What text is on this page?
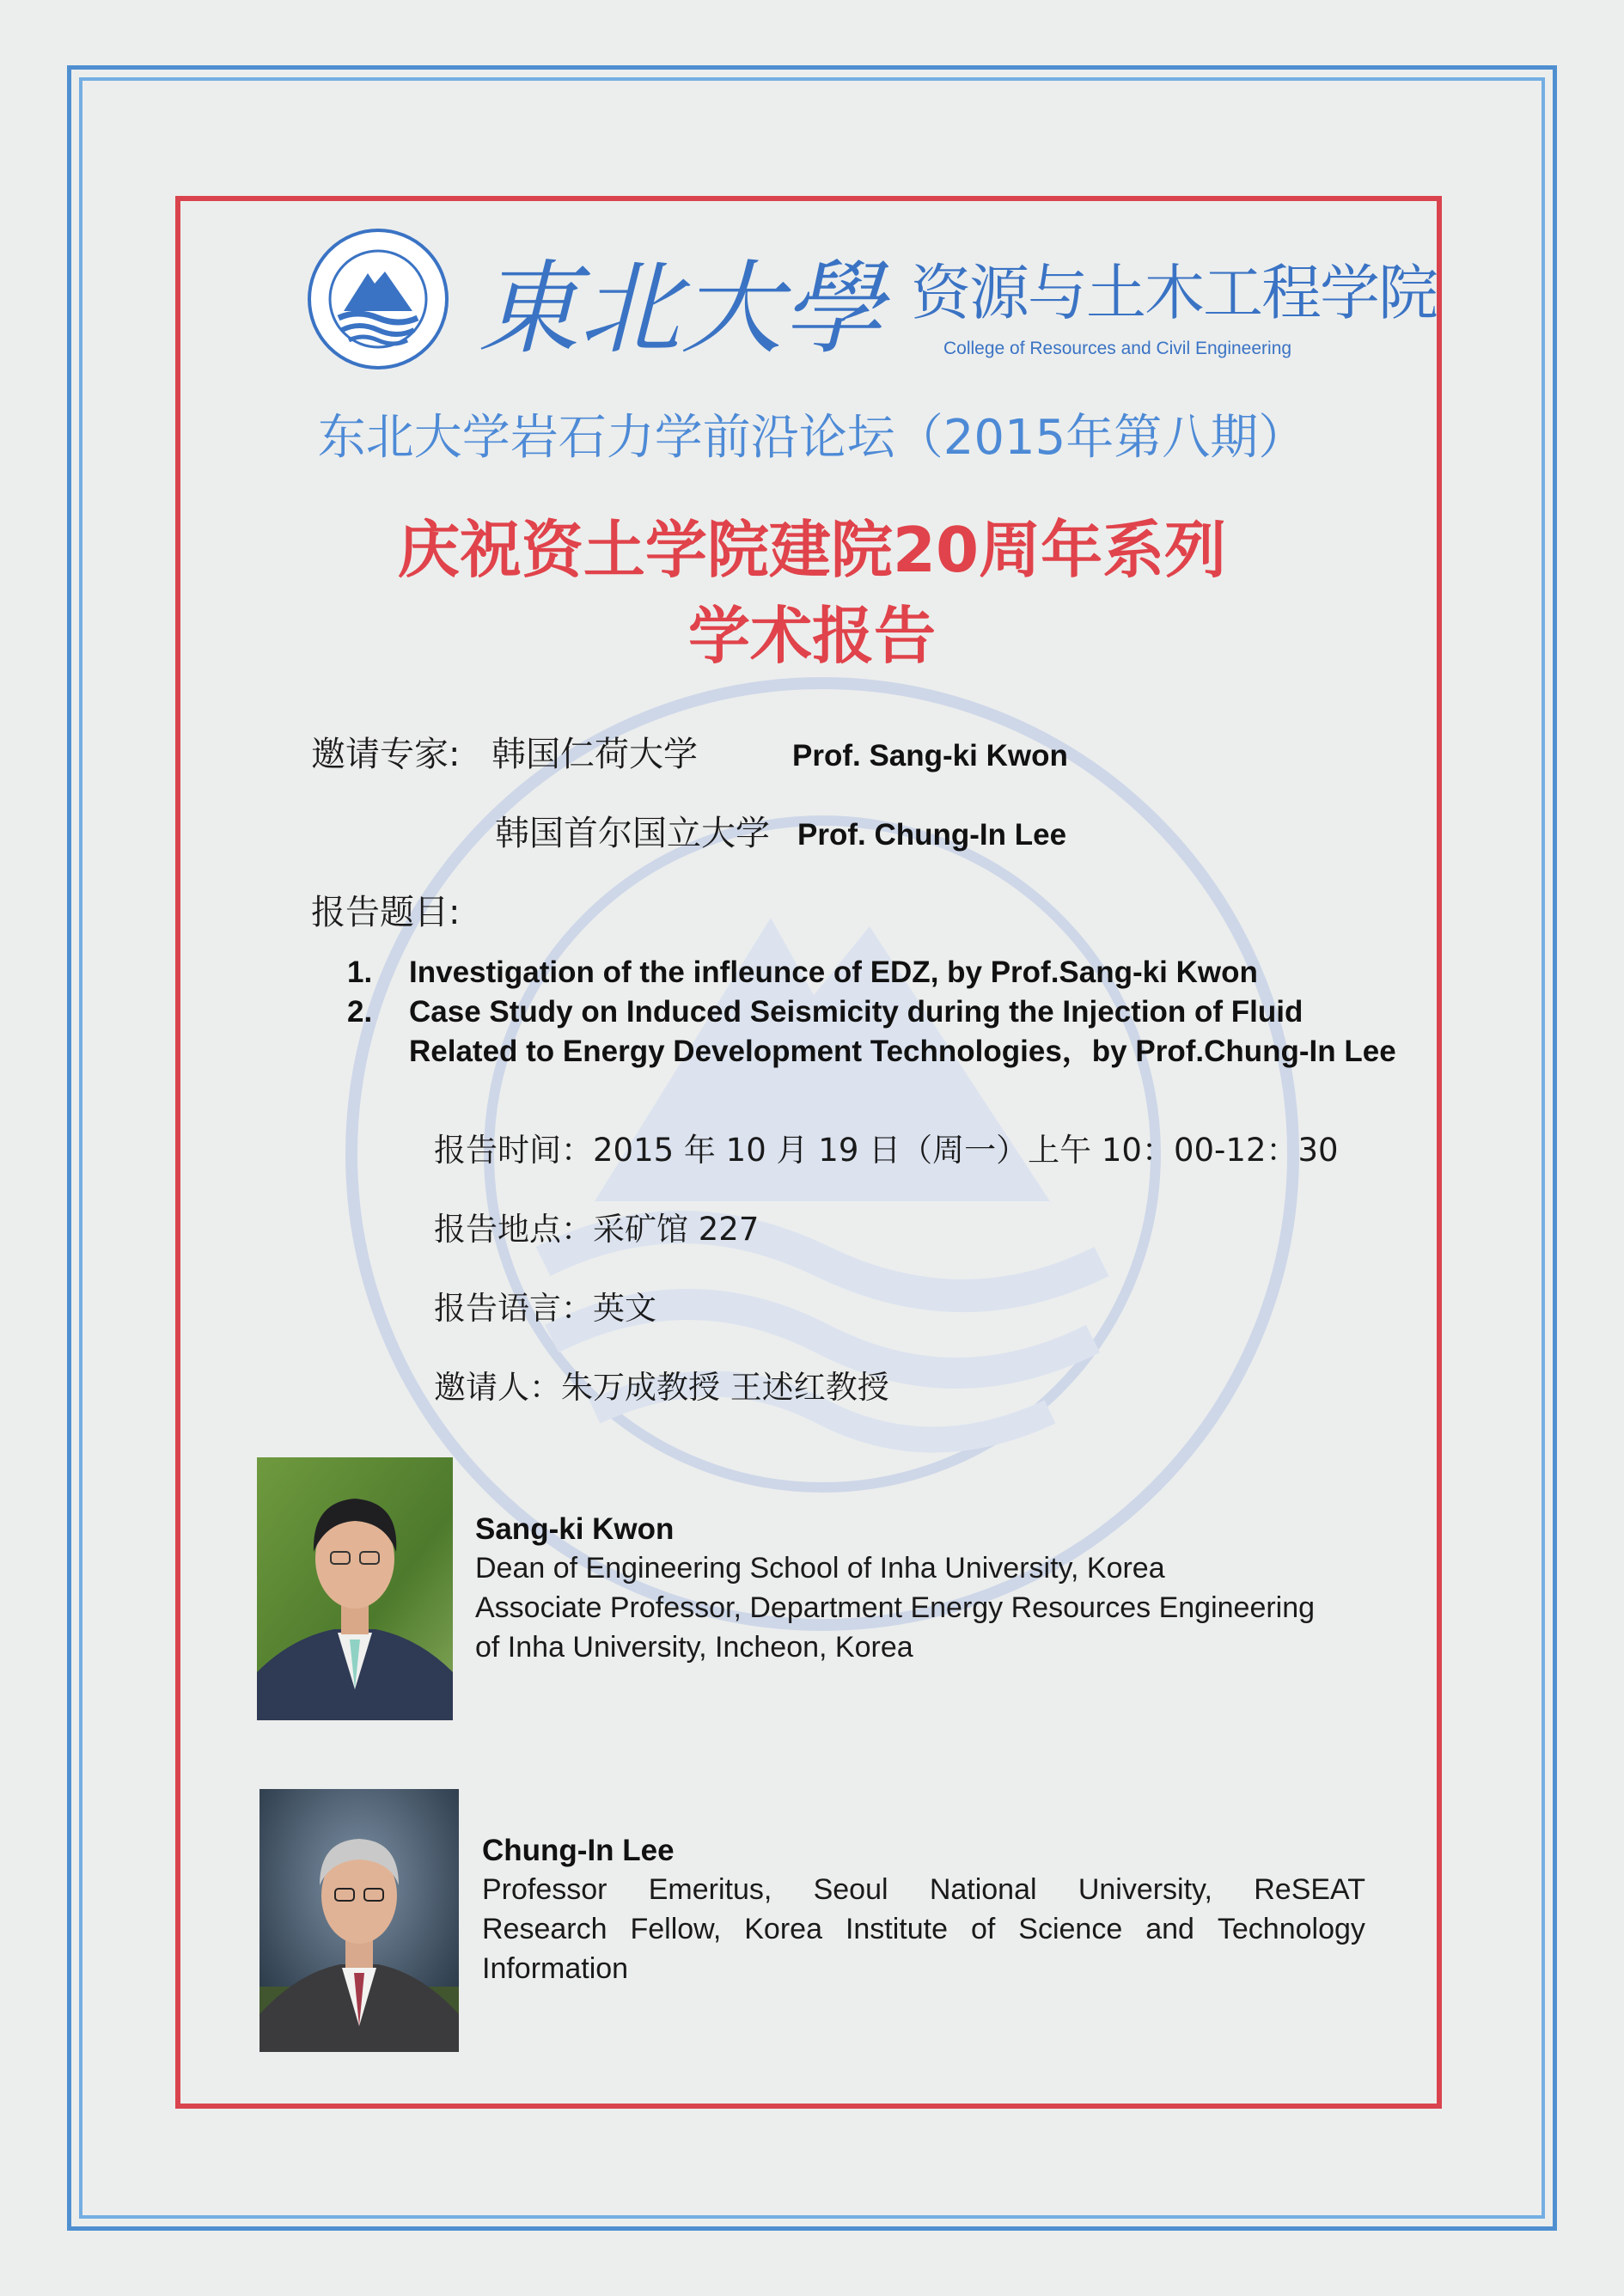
東北大學 资源与土木工程学院
College of Resources and Civil Engineering
东北大学岩石力学前沿论坛（2015年第八期）
庆祝资土学院建院20周年系列
学术报告
邀请专家: 韩国仁荷大学	Prof. Sang-ki Kwon
韩国首尔国立大学 Prof. Chung-In Lee
报告题目:
1. Investigation of the infleunce of EDZ, by Prof.Sang-ki Kwon
2. Case Study on Induced Seismicity during the Injection of Fluid
Related to Energy Development Technologies，by Prof.Chung-In Lee
报告时间：2015 年 10 月 19 日（周一）上午 10：00-12：30
报告地点：采矿馆 227
报告语言：英文
邀请人：朱万成教授 王述红教授
Sang-ki Kwon
Dean of Engineering School of Inha University, Korea
Associate Professor, Department Energy Resources Engineering
of Inha University, Incheon, Korea
Chung-In Lee
Professor Emeritus, Seoul National University, ReSEAT
Research Fellow, Korea Institute of Science and Technology
Information
